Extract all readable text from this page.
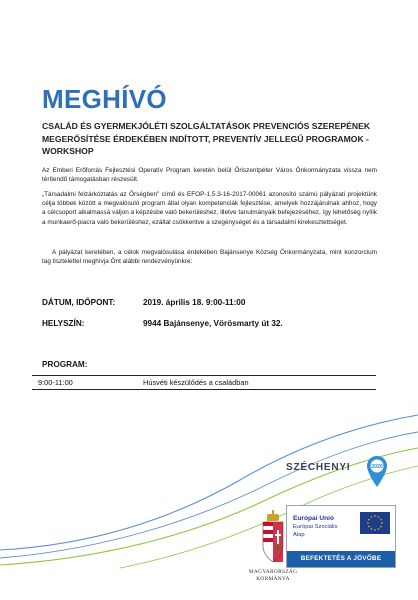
MEGHÍVÓ
CSALÁD ÉS GYERMEKJÓLÉTI SZOLGÁLTATÁSOK PREVENCIÓS SZEREPÉNEK MEGERŐSÍTÉSE ÉRDEKÉBEN INDÍTOTT, PREVENTÍV JELLEGŰ PROGRAMOK - WORKSHOP
Az Emberi Erőforrás Fejlesztési Operatív Program keretén belül Őriszentpéter Város Önkormányzata vissza nem térítendő támogatásban részesült.
„Társadalmi felzárkóztatás az Őrségben” című és EFOP-1.5.3-16-2017-00061 azonosító számú pályázati projektünk célja többek között a megvalósuló program által olyan kompetenciák fejlesztése, amelyek hozzájárulnak ahhoz, hogy a célcsoport alkalmassá váljon a képzésbe való bekerüléshez, illetve tanulmányaik befejezéséhez, így lehetőség nyílik a munkaerő-piacra való bekerüléshez, ezáltal csökkentve a szegénységet és a társadalmi kirekesztettséget.
A pályázat keretében, a célok megvalósulása érdekében Bajánsenye Község Önkormányzata, mint konzorcium tag tisztelettel meghívja Önt alábbi rendezvényünkre:
DÁTUM, IDŐPONT:	2019. április 18. 9:00-11:00
HELYSZÍN:	9944 Bajánsenye, Vörösmarty út 32.
PROGRAM:
9:00-11:00	Húsvéti készülődés a családban
SZÉCHENYI	2020
MAGYARORSZÁG
KORMÁNYA
Európai Unió
Európai Szociális
Alap
★ ★
★
★
★
★
★
★
★
★
★
★
BEFEKTETÉS A JÖVŐBE
